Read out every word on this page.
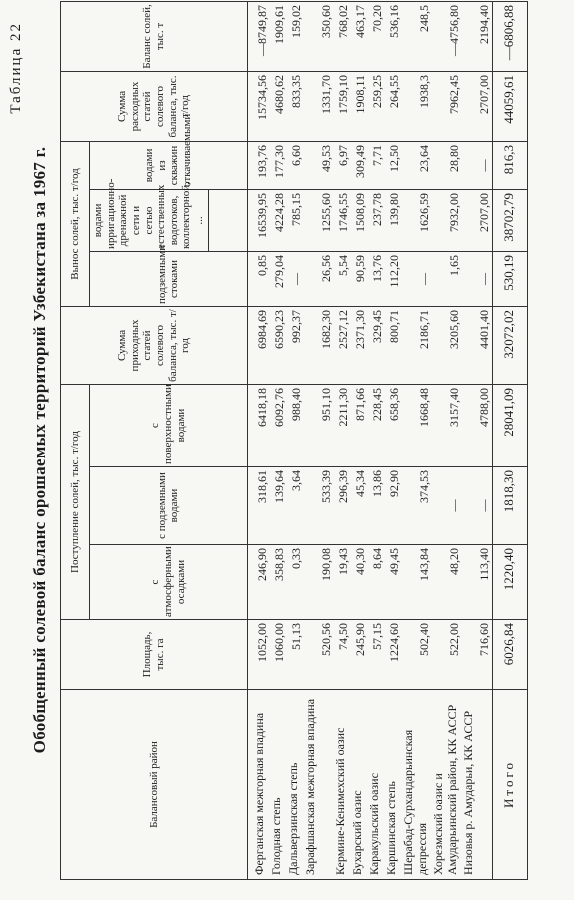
Таблица 22
Обобщенный солевой баланс орошаемых территорий Узбекистана за 1967 г.
Балансовый район	Площадь, тыс. га	Поступление солей, тыс. т/год			Сумма приходных статей солевого баланса, тыс. т/год	Вынос солей, тыс. т/год			Сумма расходных статей солевого баланса, тыс. т/год	Баланс солей, тыс. т
		с атмосферными осадками	с подземными водами	с поверхностными водами		подземными стоками	водами ирригационно-дренажной сети и сетью естественных водотоков, коллекторной, ...	водами из скважин откачиваемыми		

Ферганская межгорная впадина	1052,00	246,90	318,61	6418,18	6984,69	0,85	16539,95	193,76	15734,56	—8749,87
Голодная степь	1060,00	358,83	139,64	6092,76	6590,23	279,04	4224,28	177,30	4680,62	1909,61
Дальверзинская степь	51,13	0,33	3,64	988,40	992,37	—	785,15	6,60	833,35	159,02
Зарафшанская межгорная впадина	520,56	190,08	533,39	951,10	1682,30	26,56	1255,60	49,53	1331,70	350,60
Кермине-Кенимехский оазис	74,50	19,43	296,39	2211,30	2527,12	5,54	1746,55	6,97	1759,10	768,02
Бухарский оазис	245,90	40,30	45,34	871,66	2371,30	90,59	1508,09	309,49	1908,11	463,17
Каракульский оазис	57,15	8,64	13,86	228,45	329,45	13,76	237,78	7,71	259,25	70,20
Каршинская степь	1224,60	49,45	92,90	658,36	800,71	112,20	139,80	12,50	264,55	536,16
Шерабад-Сурхандарьинская депрессия	502,40	143,84	374,53	1668,48	2186,71	—	1626,59	23,64	1938,3	248,5
Хорезмский оазис и Амударьинский район, КК АССР	522,00	48,20	—	3157,40	3205,60	1,65	7932,00	28,80	7962,45	—4756,80
Низовья р. Амударьи, КК АССР	716,60	113,40	—	4788,00	4401,40	—	2707,00	—	2707,00	2194,40
Итого	6026,84	1220,40	1818,30	28041,09	32072,02	530,19	38702,79	816,3	44059,61	—6806,88
